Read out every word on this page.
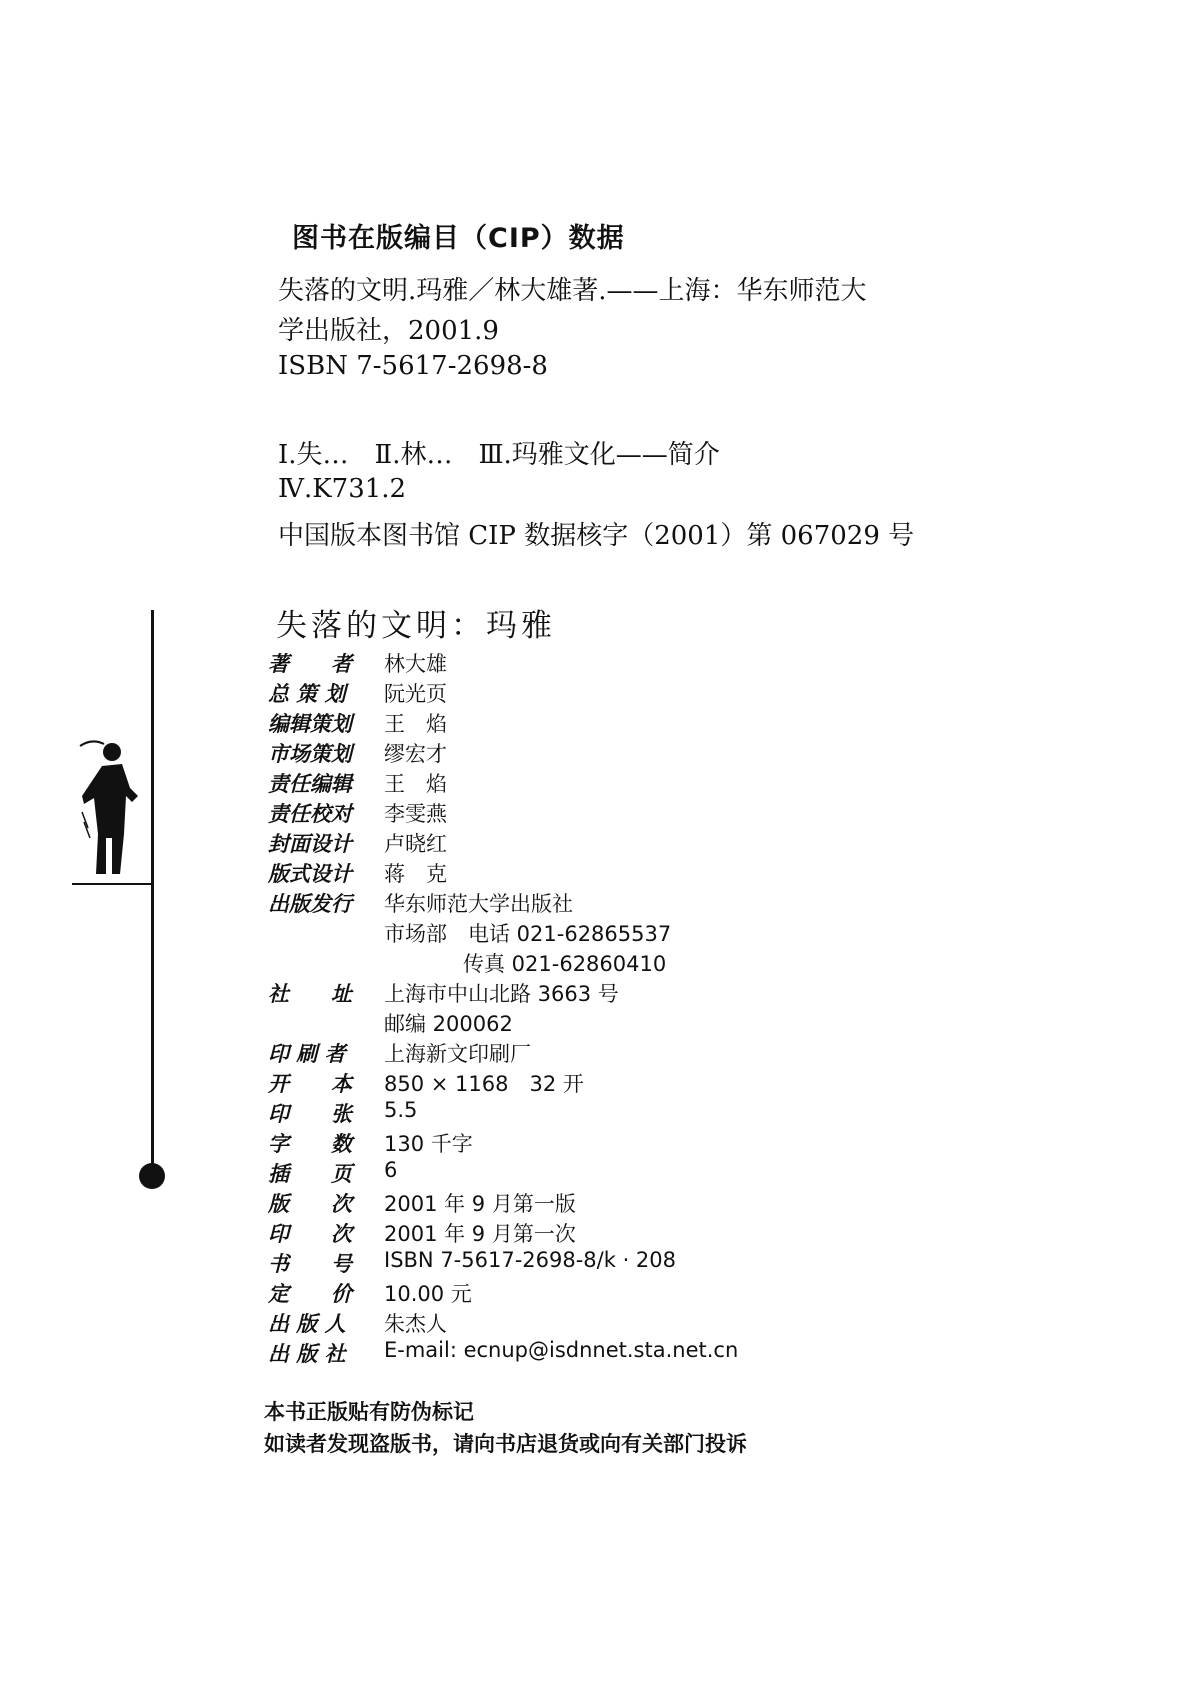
图书在版编目（CIP）数据
失落的文明.玛雅／林大雄著.——上海：华东师范大
学出版社，2001.9
ISBN 7-5617-2698-8
Ⅰ.失…　Ⅱ.林…　Ⅲ.玛雅文化——简介
Ⅳ.K731.2
中国版本图书馆 CIP 数据核字（2001）第 067029 号
失落的文明：玛雅
著　　者	林大雄
总 策 划	阮光页
编辑策划	王　焰
市场策划	缪宏才
责任编辑	王　焰
责任校对	李雯燕
封面设计	卢晓红
版式设计	蒋　克
出版发行	华东师范大学出版社
市场部　电话 021-62865537
传真 021-62860410
社　　址	上海市中山北路 3663 号
邮编 200062
印 刷 者	上海新文印刷厂
开　　本	850 × 1168　32 开
印　　张	5.5
字　　数	130 千字
插　　页	6
版　　次	2001 年 9 月第一版
印　　次	2001 年 9 月第一次
书　　号	ISBN 7-5617-2698-8/k · 208
定　　价	10.00 元
出 版 人	朱杰人
出 版 社	E-mail: ecnup@isdnnet.sta.net.cn
本书正版贴有防伪标记
如读者发现盗版书，请向书店退货或向有关部门投诉
